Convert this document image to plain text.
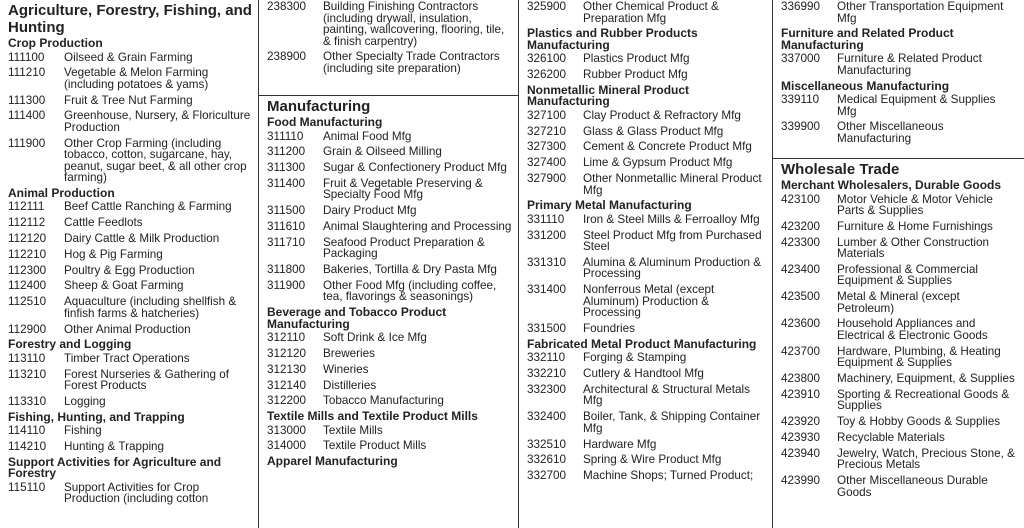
Agriculture, Forestry, Fishing, and Hunting
Crop Production
111100	Oilseed & Grain Farming
111210	Vegetable & Melon Farming (including potatoes & yams)
111300	Fruit & Tree Nut Farming
111400	Greenhouse, Nursery, & Floriculture Production
111900	Other Crop Farming (including tobacco, cotton, sugarcane, hay, peanut, sugar beet, & all other crop farming)
Animal Production
112111	Beef Cattle Ranching & Farming
112112	Cattle Feedlots
112120	Dairy Cattle & Milk Production
112210	Hog & Pig Farming
112300	Poultry & Egg Production
112400	Sheep & Goat Farming
112510	Aquaculture (including shellfish & finfish farms & hatcheries)
112900	Other Animal Production
Forestry and Logging
113110	Timber Tract Operations
113210	Forest Nurseries & Gathering of Forest Products
113310	Logging
Fishing, Hunting, and Trapping
114110	Fishing
114210	Hunting & Trapping
Support Activities for Agriculture and Forestry
115110	Support Activities for Crop Production (including cotton
238300	Building Finishing Contractors (including drywall, insulation, painting, wallcovering, flooring, tile, & finish carpentry)
238900	Other Specialty Trade Contractors (including site preparation)
Manufacturing
Food Manufacturing
311110	Animal Food Mfg
311200	Grain & Oilseed Milling
311300	Sugar & Confectionery Product Mfg
311400	Fruit & Vegetable Preserving & Specialty Food Mfg
311500	Dairy Product Mfg
311610	Animal Slaughtering and Processing
311710	Seafood Product Preparation & Packaging
311800	Bakeries, Tortilla & Dry Pasta Mfg
311900	Other Food Mfg (including coffee, tea, flavorings & seasonings)
Beverage and Tobacco Product Manufacturing
312110	Soft Drink & Ice Mfg
312120	Breweries
312130	Wineries
312140	Distilleries
312200	Tobacco Manufacturing
Textile Mills and Textile Product Mills
313000	Textile Mills
314000	Textile Product Mills
Apparel Manufacturing
325900	Other Chemical Product & Preparation Mfg
Plastics and Rubber Products Manufacturing
326100	Plastics Product Mfg
326200	Rubber Product Mfg
Nonmetallic Mineral Product Manufacturing
327100	Clay Product & Refractory Mfg
327210	Glass & Glass Product Mfg
327300	Cement & Concrete Product Mfg
327400	Lime & Gypsum Product Mfg
327900	Other Nonmetallic Mineral Product Mfg
Primary Metal Manufacturing
331110	Iron & Steel Mills & Ferroalloy Mfg
331200	Steel Product Mfg from Purchased Steel
331310	Alumina & Aluminum Production & Processing
331400	Nonferrous Metal (except Aluminum) Production & Processing
331500	Foundries
Fabricated Metal Product Manufacturing
332110	Forging & Stamping
332210	Cutlery & Handtool Mfg
332300	Architectural & Structural Metals Mfg
332400	Boiler, Tank, & Shipping Container Mfg
332510	Hardware Mfg
332610	Spring & Wire Product Mfg
332700	Machine Shops; Turned Product;
336990	Other Transportation Equipment Mfg
Furniture and Related Product Manufacturing
337000	Furniture & Related Product Manufacturing
Miscellaneous Manufacturing
339110	Medical Equipment & Supplies Mfg
339900	Other Miscellaneous Manufacturing
Wholesale Trade
Merchant Wholesalers, Durable Goods
423100	Motor Vehicle & Motor Vehicle Parts & Supplies
423200	Furniture & Home Furnishings
423300	Lumber & Other Construction Materials
423400	Professional & Commercial Equipment & Supplies
423500	Metal & Mineral (except Petroleum)
423600	Household Appliances and Electrical & Electronic Goods
423700	Hardware, Plumbing, & Heating Equipment & Supplies
423800	Machinery, Equipment, & Supplies
423910	Sporting & Recreational Goods & Supplies
423920	Toy & Hobby Goods & Supplies
423930	Recyclable Materials
423940	Jewelry, Watch, Precious Stone, & Precious Metals
423990	Other Miscellaneous Durable Goods
